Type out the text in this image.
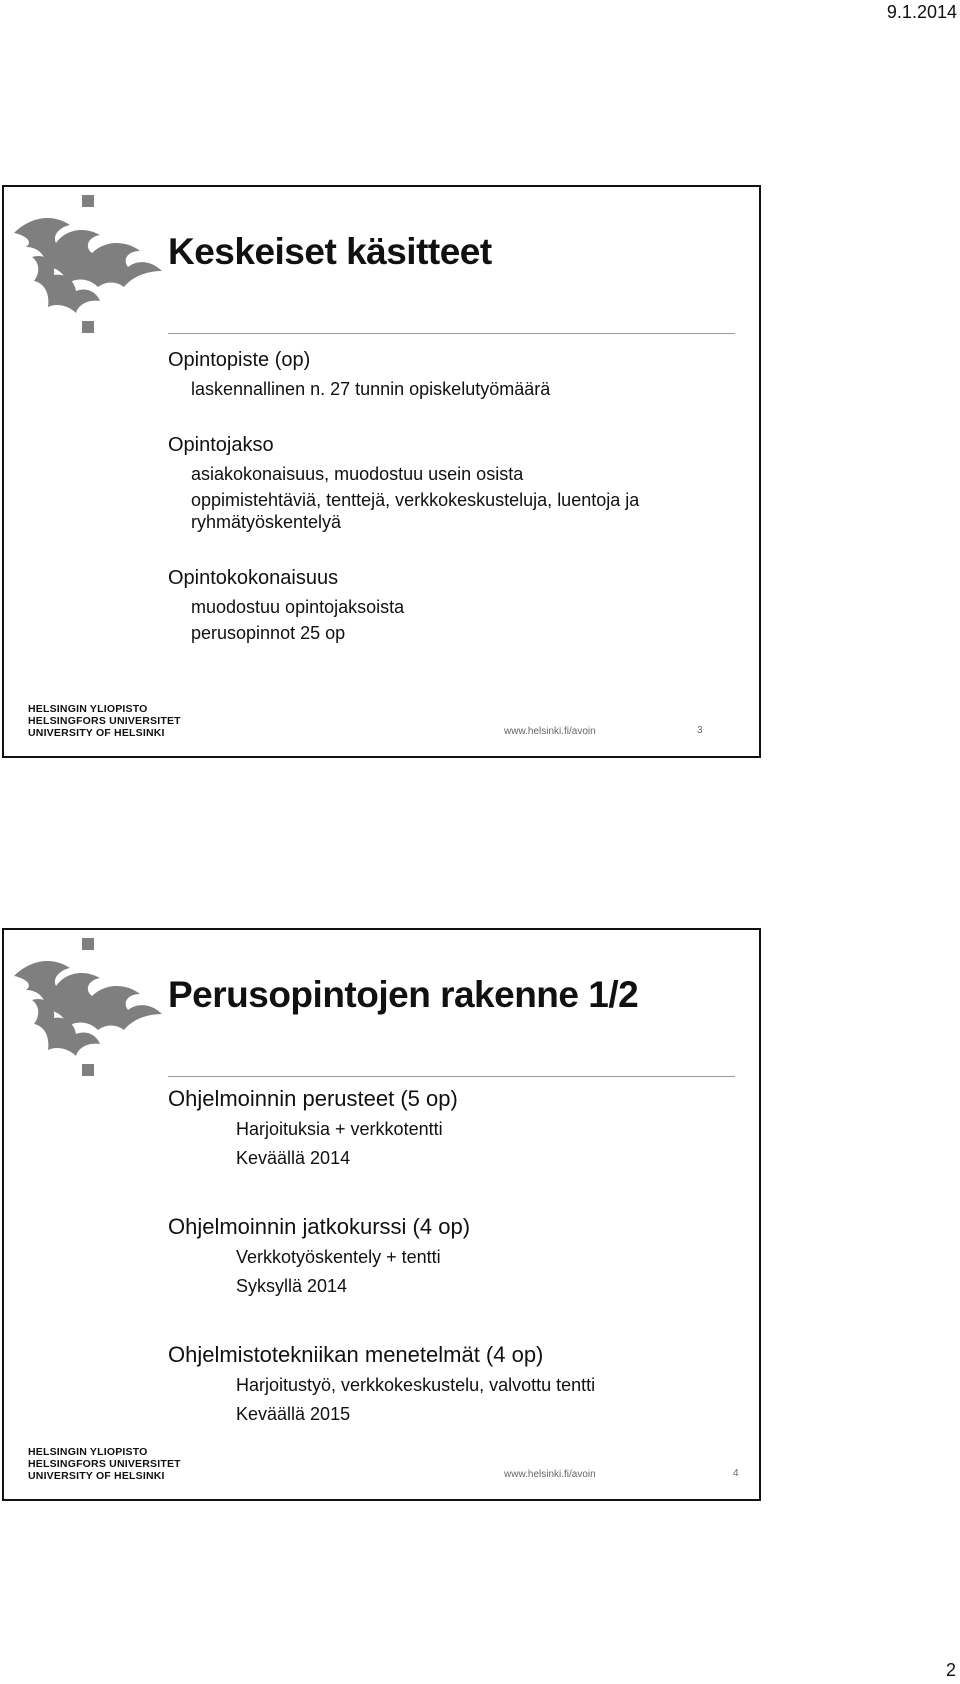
9.1.2014
Keskeiset käsitteet
Opintopiste (op)
laskennallinen n. 27 tunnin opiskelutyömäärä
Opintojakso
asiakokonaisuus, muodostuu usein osista
oppimistehtäviä, tenttejä, verkkokeskusteluja, luentoja ja ryhmätyöskentelyä
Opintokokonaisuus
muodostuu opintojaksoista
perusopinnot 25 op
HELSINGIN YLIOPISTO
HELSINGFORS UNIVERSITET
UNIVERSITY OF HELSINKI	www.helsinki.fi/avoin	3
Perusopintojen rakenne 1/2
Ohjelmoinnin perusteet (5 op)
Harjoituksia + verkkotentti
Keväällä 2014
Ohjelmoinnin jatkokurssi (4 op)
Verkkotyöskentely + tentti
Syksyllä 2014
Ohjelmistotekniikan menetelmät (4 op)
Harjoitustyö, verkkokeskustelu, valvottu tentti
Keväällä 2015
HELSINGIN YLIOPISTO
HELSINGFORS UNIVERSITET
UNIVERSITY OF HELSINKI	www.helsinki.fi/avoin	4
2
